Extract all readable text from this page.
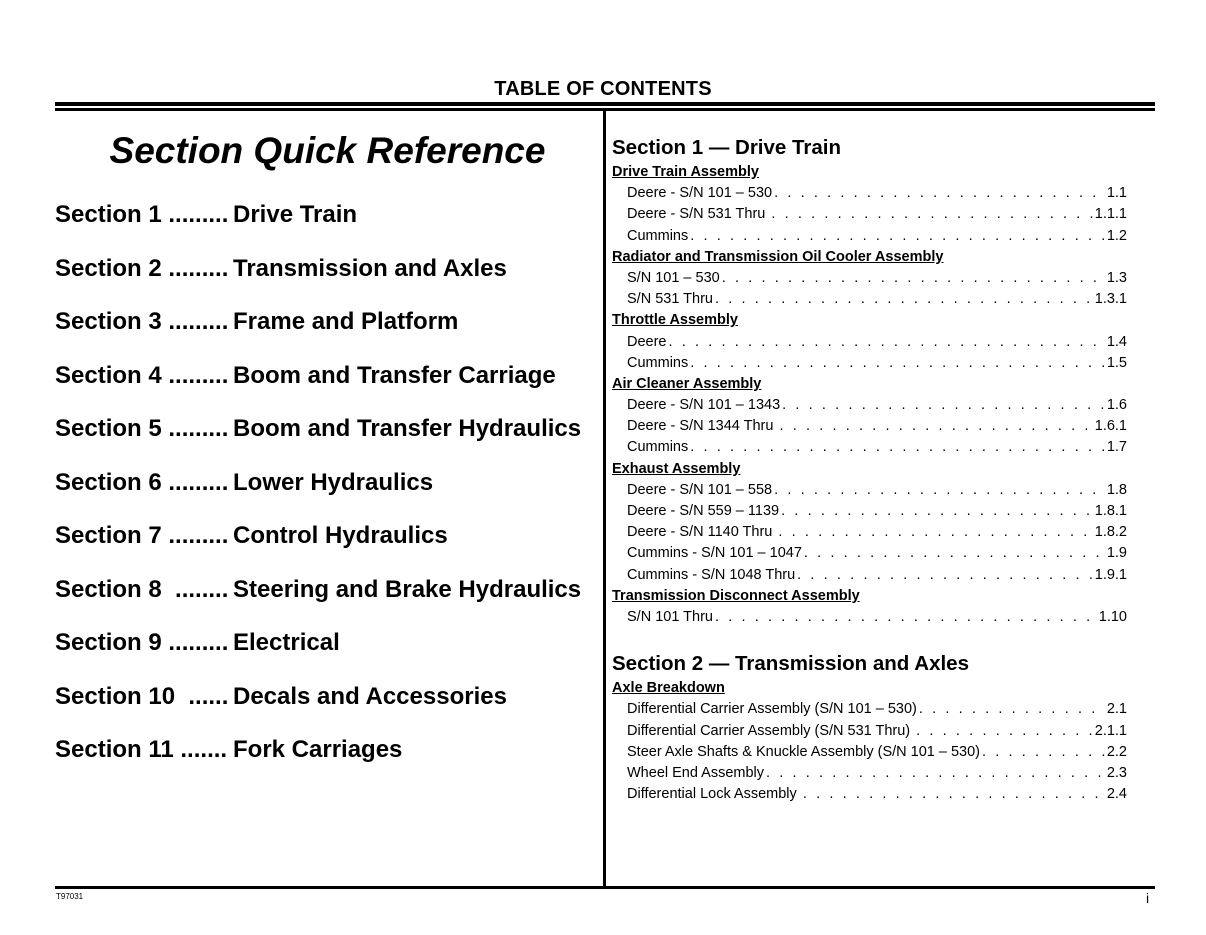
TABLE OF CONTENTS
Section Quick Reference
Section 1 ......... Drive Train
Section 2 ......... Transmission and Axles
Section 3 ......... Frame and Platform
Section 4 ......... Boom and Transfer Carriage
Section 5 ......... Boom and Transfer Hydraulics
Section 6 ......... Lower Hydraulics
Section 7 ......... Control Hydraulics
Section 8  ........ Steering and Brake Hydraulics
Section 9 ......... Electrical
Section 10  ...... Decals and Accessories
Section 11 ....... Fork Carriages
Section 1 — Drive Train
Drive Train Assembly
Deere - S/N 101 – 530 . . .	1.1
Deere - S/N 531 Thru . . .	1.1.1
Cummins . . .	1.2
Radiator and Transmission Oil Cooler Assembly
S/N 101 – 530 . . .	1.3
S/N 531 Thru . . .	1.3.1
Throttle Assembly
Deere . . .	1.4
Cummins . . .	1.5
Air Cleaner Assembly
Deere - S/N 101 – 1343 . . .	1.6
Deere - S/N 1344 Thru . . .	1.6.1
Cummins . . .	1.7
Exhaust Assembly
Deere - S/N 101 – 558 . . .	1.8
Deere - S/N 559 – 1139 . . .	1.8.1
Deere - S/N 1140 Thru . . .	1.8.2
Cummins - S/N 101 – 1047 . . .	1.9
Cummins - S/N 1048 Thru . . .	1.9.1
Transmission Disconnect Assembly
S/N 101 Thru . . .	1.10
Section 2 — Transmission and Axles
Axle Breakdown
Differential Carrier Assembly (S/N 101 – 530) . . .	2.1
Differential Carrier Assembly (S/N 531 Thru) . . .	2.1.1
Steer Axle Shafts & Knuckle Assembly (S/N 101 – 530) . . .	2.2
Wheel End Assembly . . .	2.3
Differential Lock Assembly . . .	2.4
T97031	i
